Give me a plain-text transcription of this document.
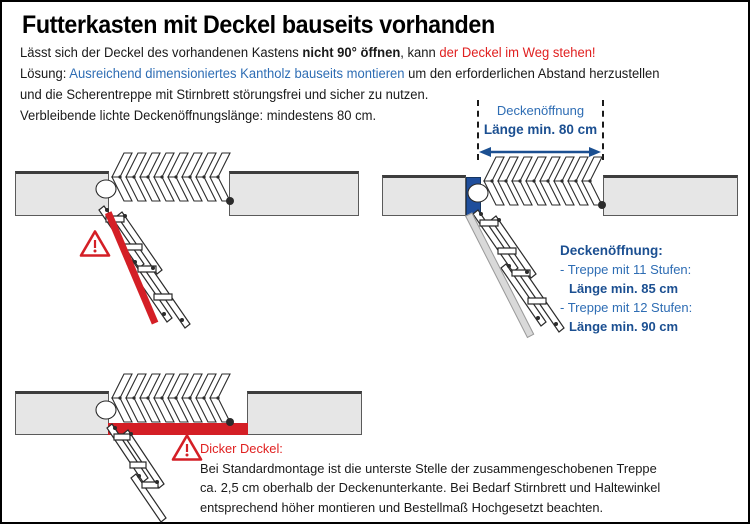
Futterkasten mit Deckel bauseits vorhanden
Lässt sich der Deckel des vorhandenen Kastens nicht 90° öffnen, kann der Deckel im Weg stehen!
Lösung: Ausreichend dimensioniertes Kantholz bauseits montieren um den erforderlichen Abstand herzustellen
und die Scherentreppe mit Stirnbrett störungsfrei und sicher zu nutzen.
Verbleibende lichte Deckenöffnungslänge: mindestens 80 cm.	Deckenöffnung
Länge min. 80 cm
Deckenöffnung:
- Treppe mit 11 Stufen:
Länge min. 85 cm
- Treppe mit 12 Stufen:
Länge min. 90 cm

Dicker Deckel:

Bei Standardmontage ist die unterste Stelle der zusammengeschobenen Treppe

ca. 2,5 cm oberhalb der Deckenunterkante. Bei Bedarf Stirnbrett und Haltewinkel

entsprechend höher montieren und Bestellmaß Hochgesetzt beachten.
